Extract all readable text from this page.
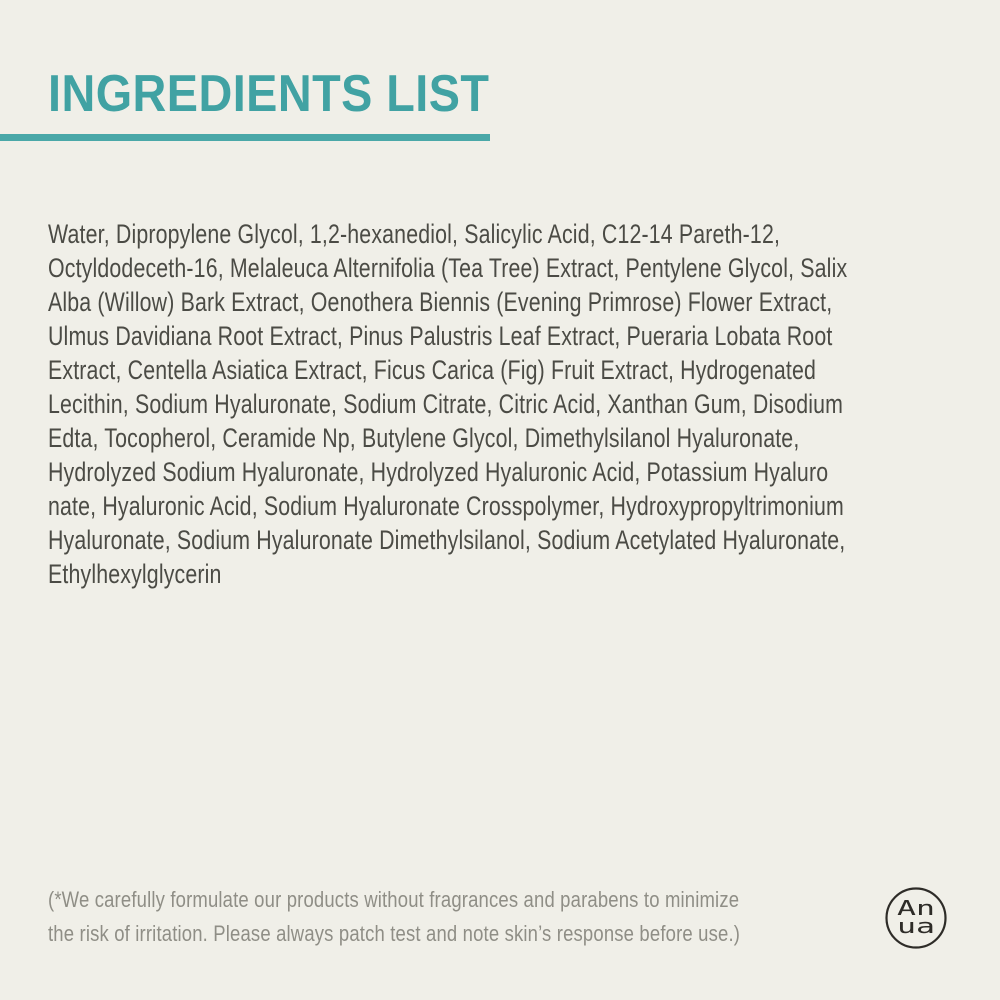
INGREDIENTS LIST
Water, Dipropylene Glycol, 1,2-hexanediol, Salicylic Acid, C12-14 Pareth-12,
Octyldodeceth-16, Melaleuca Alternifolia (Tea Tree) Extract, Pentylene Glycol, Salix
Alba (Willow) Bark Extract, Oenothera Biennis (Evening Primrose) Flower Extract,
Ulmus Davidiana Root Extract, Pinus Palustris Leaf Extract, Pueraria Lobata Root
Extract, Centella Asiatica Extract, Ficus Carica (Fig) Fruit Extract, Hydrogenated
Lecithin, Sodium Hyaluronate, Sodium Citrate, Citric Acid, Xanthan Gum, Disodium
Edta, Tocopherol, Ceramide Np, Butylene Glycol, Dimethylsilanol Hyaluronate,
Hydrolyzed Sodium Hyaluronate, Hydrolyzed Hyaluronic Acid, Potassium Hyaluro
nate, Hyaluronic Acid, Sodium Hyaluronate Crosspolymer, Hydroxypropyltrimonium
Hyaluronate, Sodium Hyaluronate Dimethylsilanol, Sodium Acetylated Hyaluronate,
Ethylhexylglycerin
(*We carefully formulate our products without fragrances and parabens to minimize
the risk of irritation. Please always patch test and note skin’s response before use.)
An
ua
